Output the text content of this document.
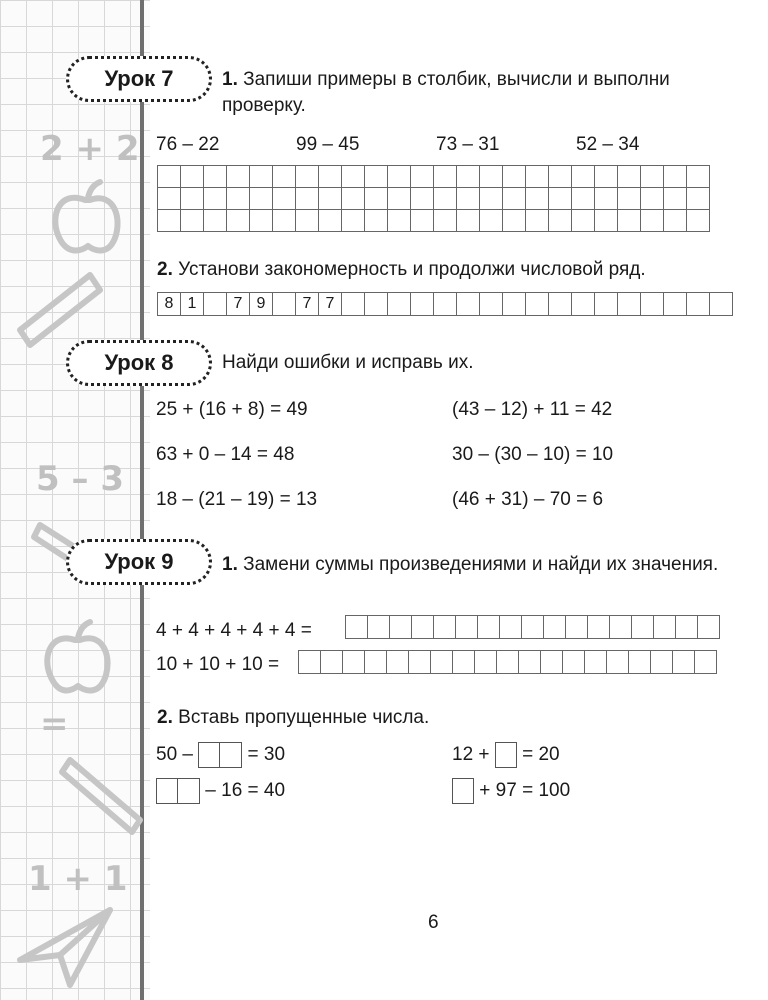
2 + 2
5 – 3
=
1 + 1
Урок 7	1. Запиши примеры в столбик, вычисли и выполни проверку.
76 – 22	99 – 45	73 – 31	52 – 34

2. Установи закономерность и продолжи числовой ряд.
8	1		7	9		7	7																	
Урок 8	Найди ошибки и исправь их.
25 + (16 + 8) = 49
63 + 0 – 14 = 48
18 – (21 – 19) = 13
(43 – 12) + 11 = 42
30 – (30 – 10) = 10
(46 + 31) – 70 = 6
Урок 9	1. Замени суммы произведениями и найди их значения.
4 + 4 + 4 + 4 + 4 =

10 + 10 + 10 =

2. Вставь пропущенные числа.
50 –	= 30
– 16 = 40
12 + = 20
+ 97 = 100
6
